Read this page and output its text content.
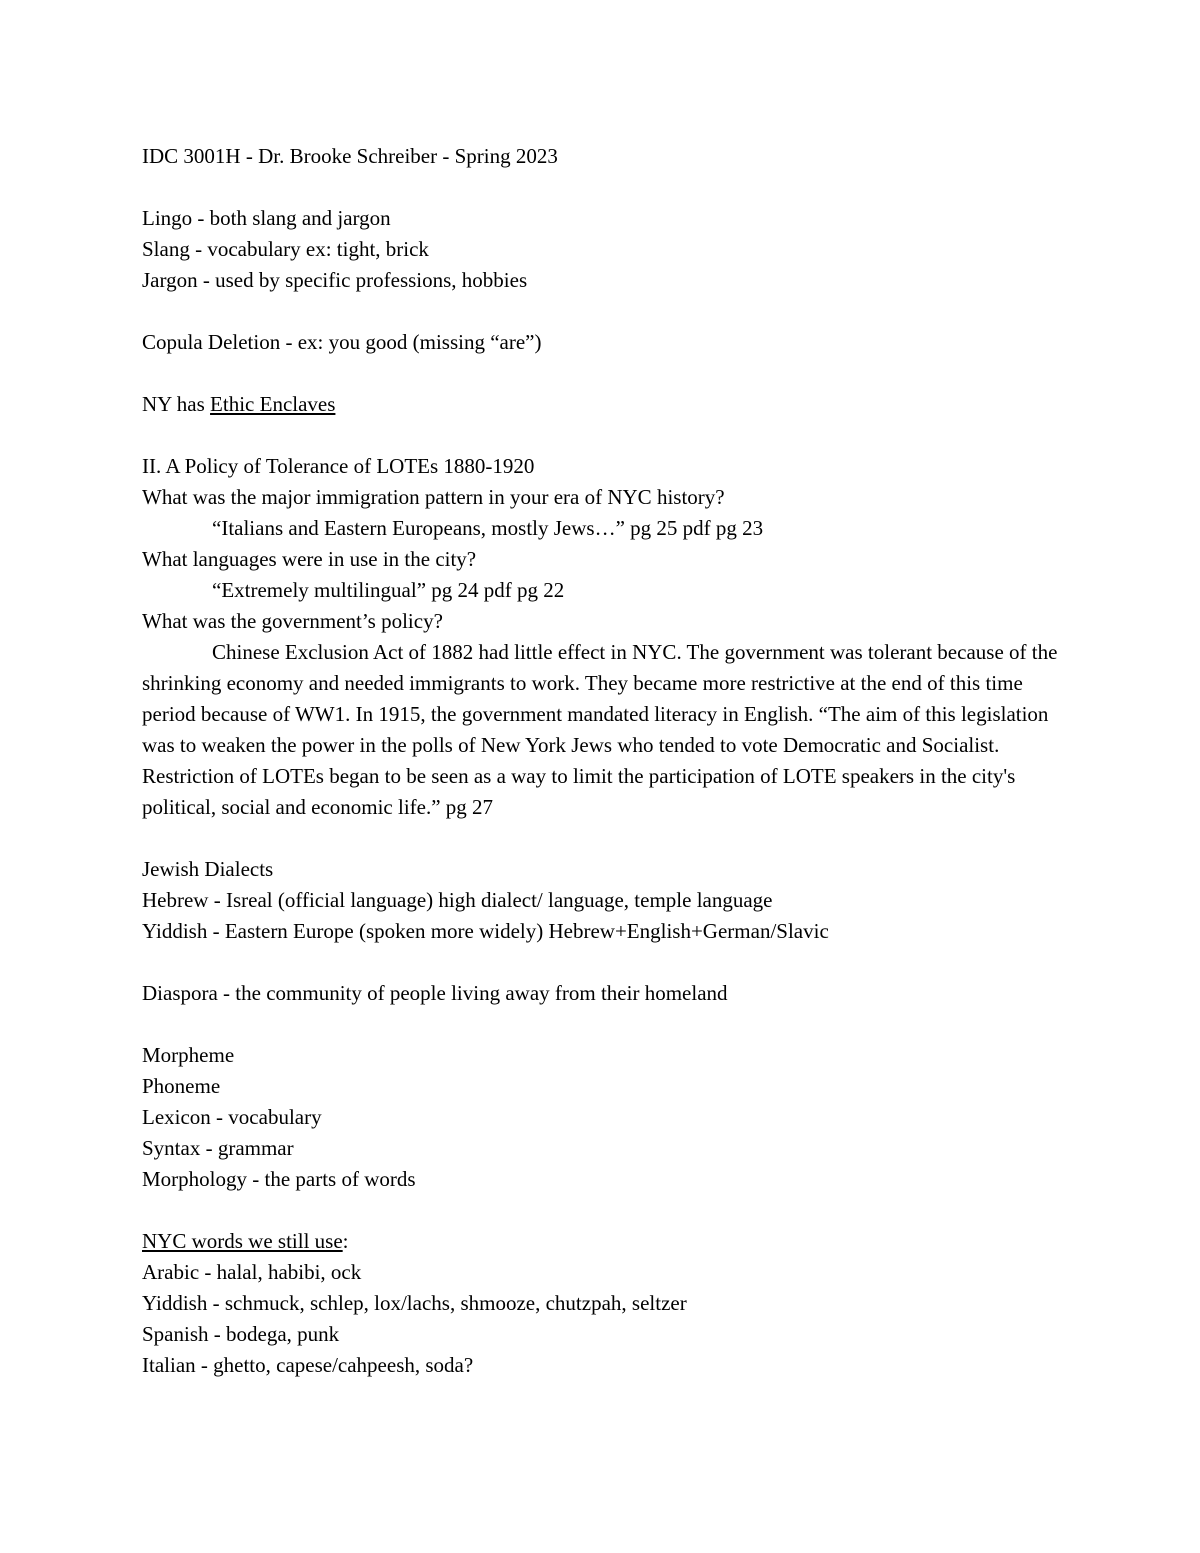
IDC 3001H - Dr. Brooke Schreiber - Spring 2023

Lingo - both slang and jargon

Slang - vocabulary ex: tight, brick

Jargon - used by specific professions, hobbies

Copula Deletion - ex: you good (missing “are”)

NY has Ethic Enclaves

II. A Policy of Tolerance of LOTEs 1880-1920

What was the major immigration pattern in your era of NYC history?

“Italians and Eastern Europeans, mostly Jews…” pg 25 pdf pg 23

What languages were in use in the city?

“Extremely multilingual” pg 24 pdf pg 22

What was the government’s policy?

Chinese Exclusion Act of 1882 had little effect in NYC. The government was tolerant because of the shrinking economy and needed immigrants to work. They became more restrictive at the end of this time period because of WW1. In 1915, the government mandated literacy in English. “The aim of this legislation was to weaken the power in the polls of New York Jews who tended to vote Democratic and Socialist. Restriction of LOTEs began to be seen as a way to limit the participation of LOTE speakers in the city's political, social and economic life.” pg 27

Jewish Dialects

Hebrew - Isreal (official language) high dialect/ language, temple language

Yiddish - Eastern Europe (spoken more widely) Hebrew+English+German/Slavic

Diaspora - the community of people living away from their homeland

Morpheme

Phoneme

Lexicon - vocabulary

Syntax - grammar

Morphology - the parts of words

NYC words we still use:

Arabic - halal, habibi, ock

Yiddish - schmuck, schlep, lox/lachs, shmooze, chutzpah, seltzer

Spanish - bodega, punk

Italian - ghetto, capese/cahpeesh, soda?
